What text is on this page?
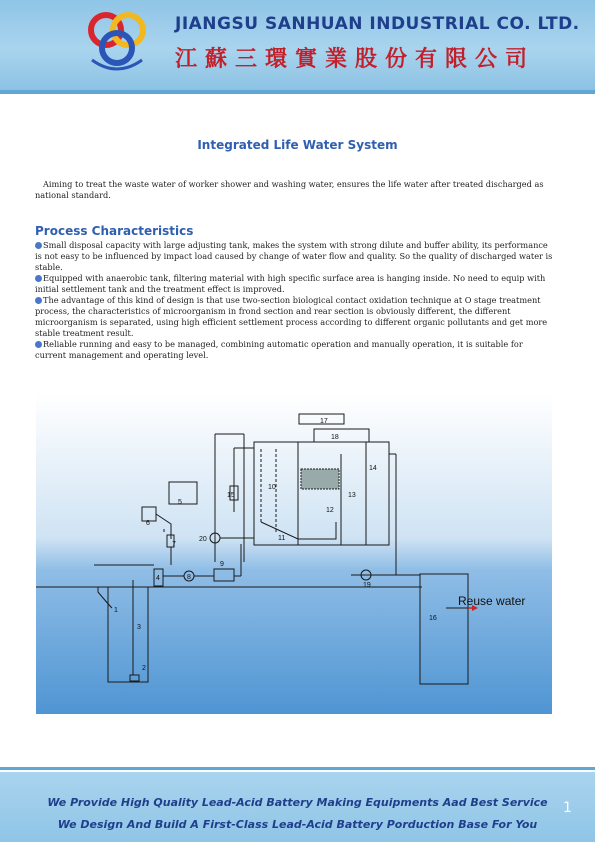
JIANGSU SANHUAN INDUSTRIAL CO. LTD.
江蘇三環實業股份有限公司
Integrated Life Water System

Aiming to treat the waste water of worker shower and washing water, ensures the life water after treated discharged as national standard.

Process Characteristics

Small disposal capacity with large adjusting tank, makes the system with strong dilute and buffer ability, its performance is not easy to be influenced by impact load caused by change of water flow and quality. So the quality of discharged water is stable.

Equipped with anaerobic tank, filtering material with high specific surface area is hanging inside. No need to equip with initial settlement tank and the treatment effect is improved.

The advantage of this kind of design is that use two-section biological contact oxidation technique at O stage treatment process, the characteristics of microorganism in frond section and rear section is obviously different, the different microorganism is separated, using high efficient settlement process according to different organic pollutants and get more stable treatment result.

Reliable running and easy to be managed, combining automatic operation and manually operation, it is suitable for current management and operating level.

1
2
3
4
5
6
7
8
9
10
11
12
13
14
15
16
17
18
19
20
Reuse water
We Provide High Quality Lead-Acid Battery Making Equipments Aad Best Service
We Design And Build A First-Class Lead-Acid Battery Porduction Base For You
1
